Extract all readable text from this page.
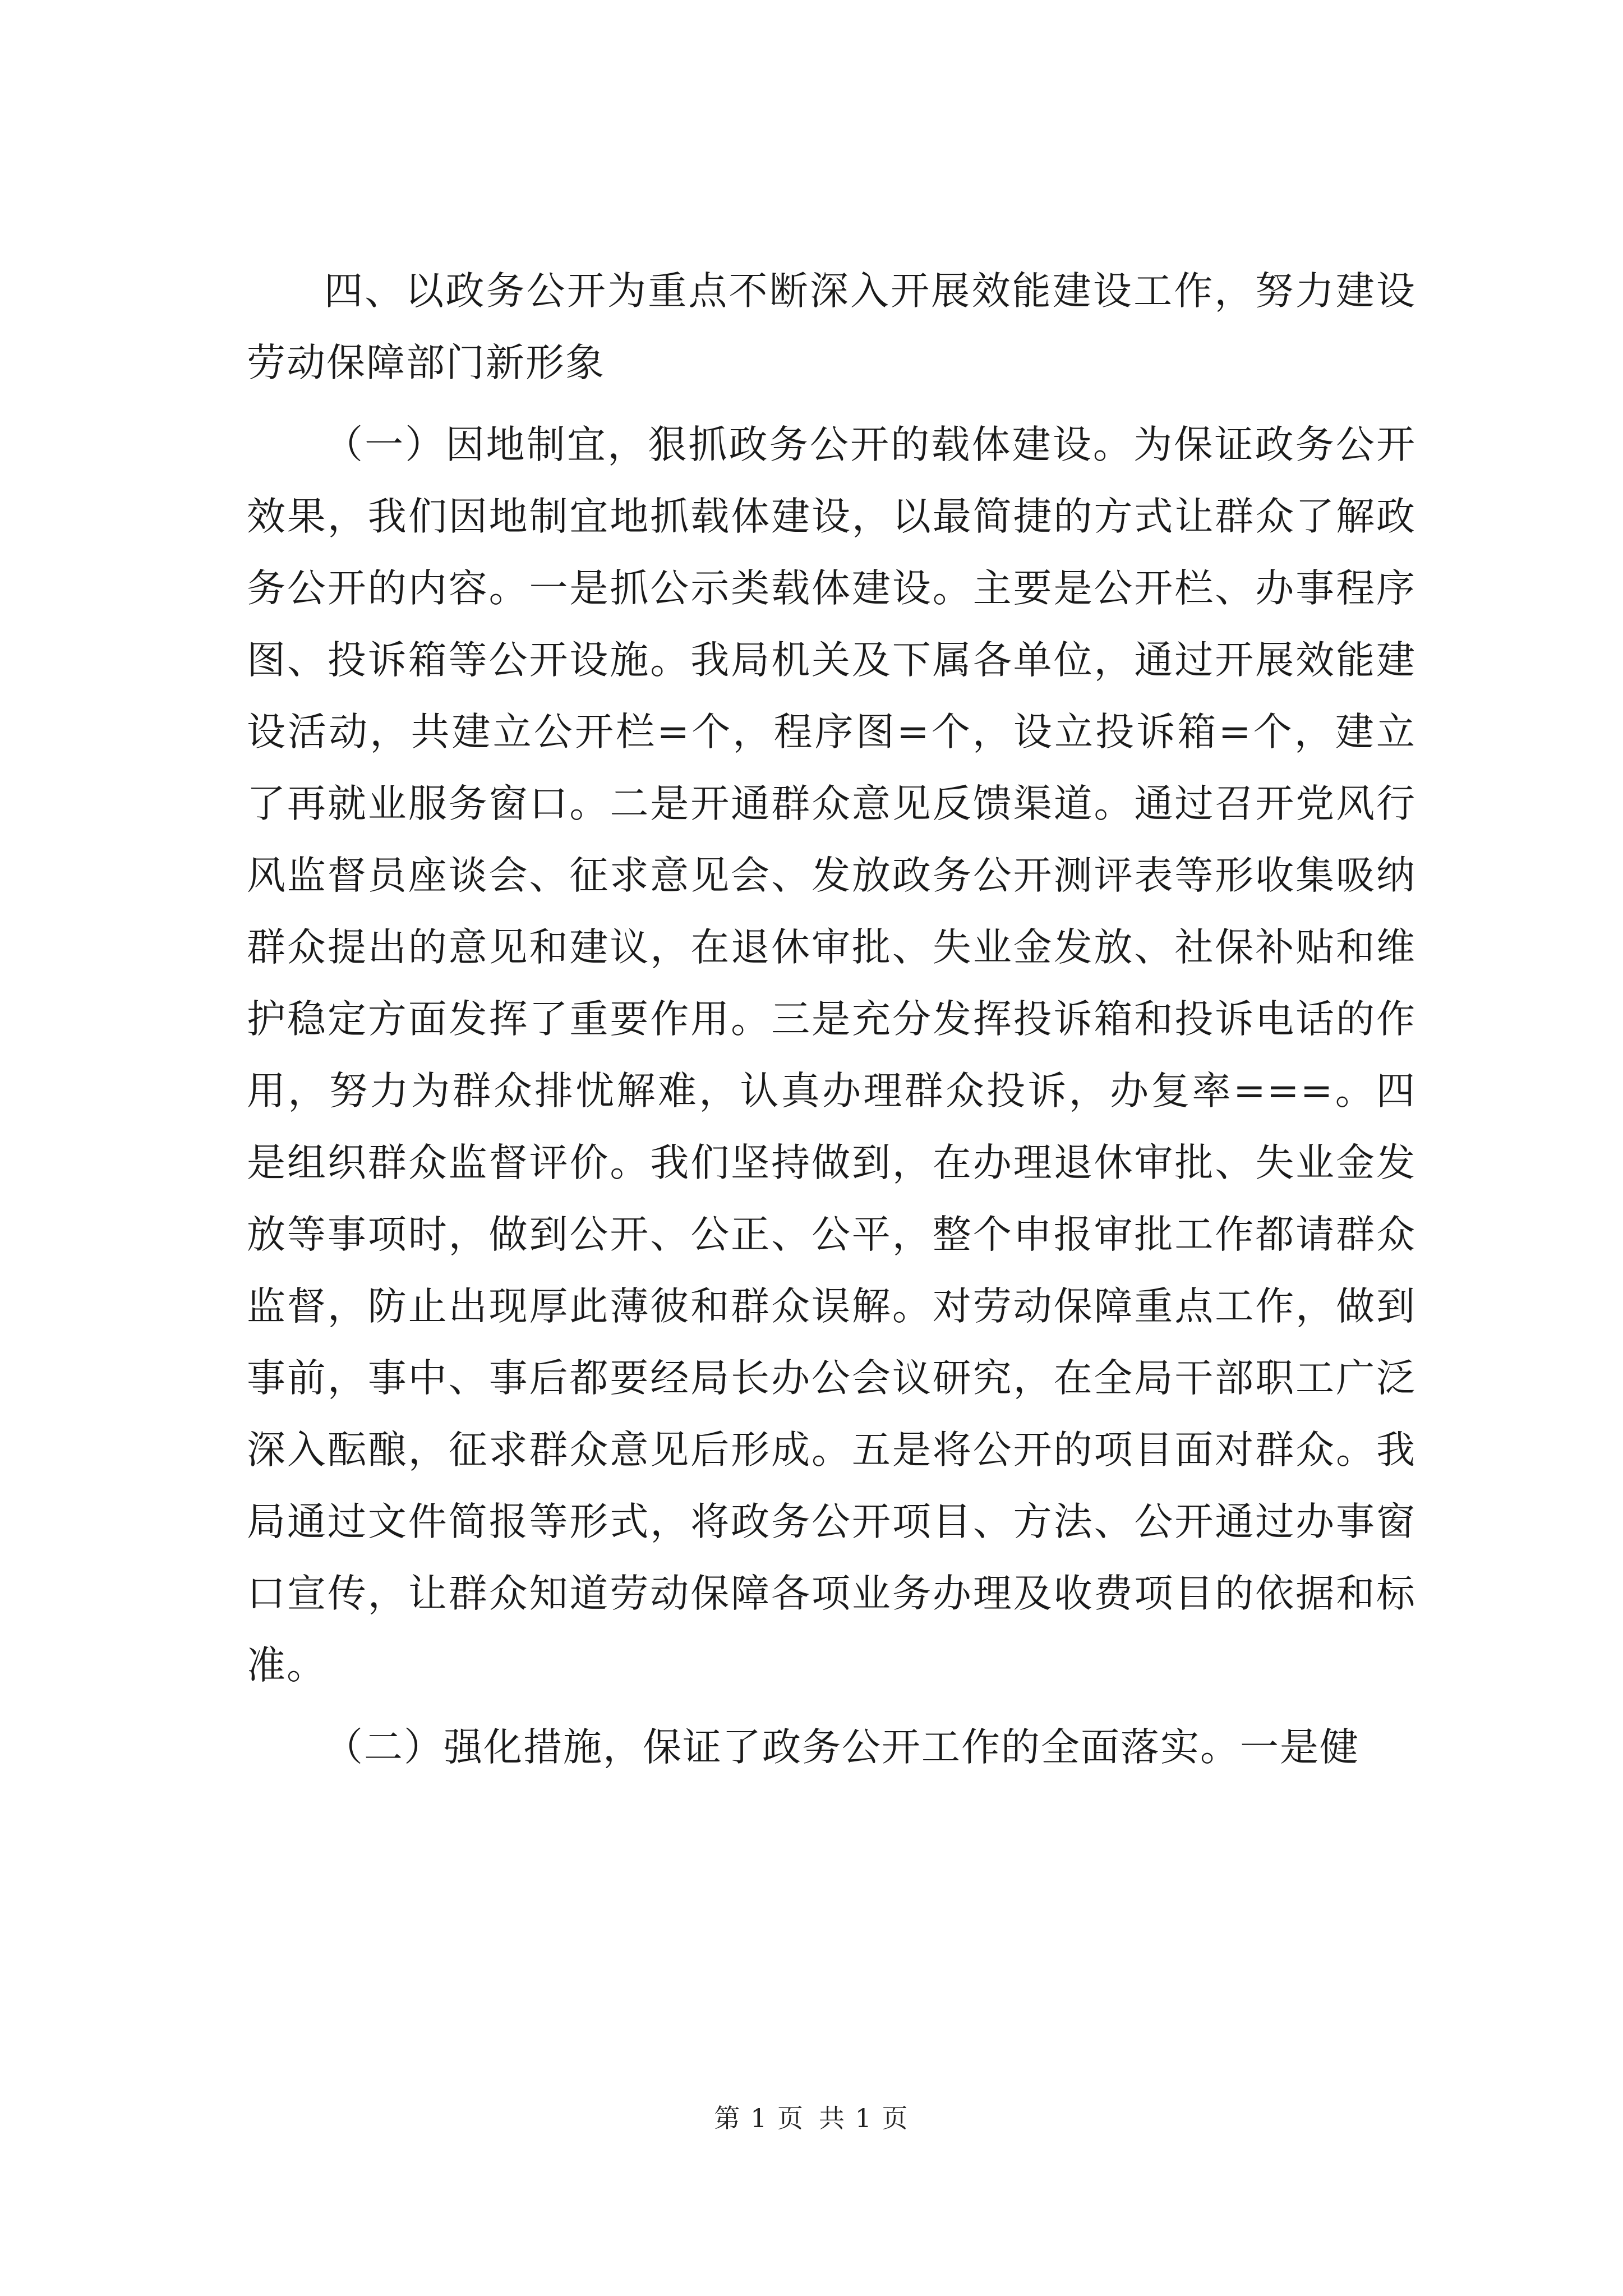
四、以政务公开为重点不断深入开展效能建设工作，努力建设劳动保障部门新形象

（一）因地制宜，狠抓政务公开的载体建设。为保证政务公开效果，我们因地制宜地抓载体建设，以最简捷的方式让群众了解政务公开的内容。一是抓公示类载体建设。主要是公开栏、办事程序图、投诉箱等公开设施。我局机关及下属各单位，通过开展效能建设活动，共建立公开栏=个，程序图=个，设立投诉箱=个，建立了再就业服务窗口。二是开通群众意见反馈渠道。通过召开党风行风监督员座谈会、征求意见会、发放政务公开测评表等形收集吸纳群众提出的意见和建议，在退休审批、失业金发放、社保补贴和维护稳定方面发挥了重要作用。三是充分发挥投诉箱和投诉电话的作用，努力为群众排忧解难，认真办理群众投诉，办复率===。四是组织群众监督评价。我们坚持做到，在办理退休审批、失业金发放等事项时，做到公开、公正、公平，整个申报审批工作都请群众监督，防止出现厚此薄彼和群众误解。对劳动保障重点工作，做到事前，事中、事后都要经局长办公会议研究，在全局干部职工广泛深入酝酿，征求群众意见后形成。五是将公开的项目面对群众。我局通过文件简报等形式，将政务公开项目、方法、公开通过办事窗口宣传，让群众知道劳动保障各项业务办理及收费项目的依据和标准。

（二）强化措施，保证了政务公开工作的全面落实。一是健

第 1 页 共 1 页
